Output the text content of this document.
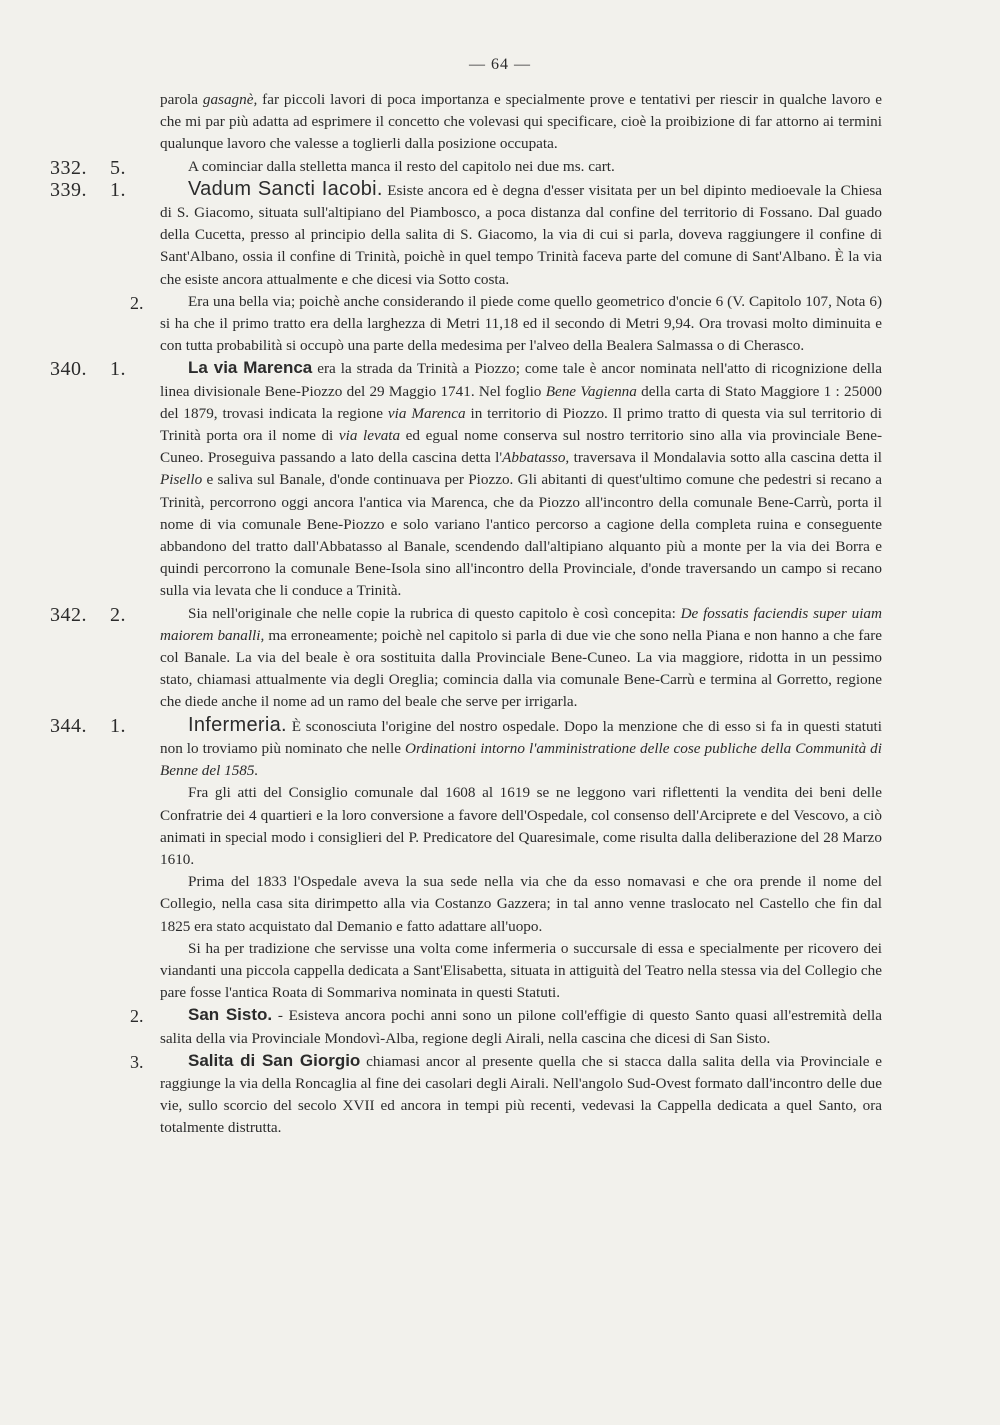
— 64 —

parola gasagnè, far piccoli lavori di poca importanza e specialmente prove e tentativi per riescir in qualche lavoro e che mi par più adatta ad esprimere il concetto che volevasi qui specificare, cioè la proibizione di far attorno ai termini qualunque lavoro che valesse a toglierli dalla posizione occupata.

332. 5.	A cominciar dalla stelletta manca il resto del capitolo nei due ms. cart.

339. 1.	Vadum Sancti Iacobi. Esiste ancora ed è degna d'esser visitata per un bel dipinto medioevale la Chiesa di S. Giacomo, situata sull'altipiano del Piambosco, a poca distanza dal confine del territorio di Fossano. Dal guado della Cucetta, presso al principio della salita di S. Giacomo, la via di cui si parla, doveva raggiungere il confine di Sant'Albano, ossia il confine di Trinità, poichè in quel tempo Trinità faceva parte del comune di Sant'Albano. È la via che esiste ancora attualmente e che dicesi via Sotto costa.

2.	Era una bella via; poichè anche considerando il piede come quello geometrico d'oncie 6 (V. Capitolo 107, Nota 6) si ha che il primo tratto era della larghezza di Metri 11,18 ed il secondo di Metri 9,94. Ora trovasi molto diminuita e con tutta probabilità si occupò una parte della medesima per l'alveo della Bealera Salmassa o di Cherasco.

340. 1.	La via Marenca era la strada da Trinità a Piozzo; come tale è ancor nominata nell'atto di ricognizione della linea divisionale Bene-Piozzo del 29 Maggio 1741. Nel foglio Bene Vagienna della carta di Stato Maggiore 1 : 25000 del 1879, trovasi indicata la regione via Marenca in territorio di Piozzo. Il primo tratto di questa via sul territorio di Trinità porta ora il nome di via levata ed egual nome conserva sul nostro territorio sino alla via provinciale Bene-Cuneo. Proseguiva passando a lato della cascina detta l'Abbatasso, traversava il Mondalavia sotto alla cascina detta il Pisello e saliva sul Banale, d'onde continuava per Piozzo. Gli abitanti di quest'ultimo comune che pedestri si recano a Trinità, percorrono oggi ancora l'antica via Marenca, che da Piozzo all'incontro della comunale Bene-Carrù, porta il nome di via comunale Bene-Piozzo e solo variano l'antico percorso a cagione della completa ruina e conseguente abbandono del tratto dall'Abbatasso al Banale, scendendo dall'altipiano alquanto più a monte per la via dei Borra e quindi percorrono la comunale Bene-Isola sino all'incontro della Provinciale, d'onde traversando un campo si recano sulla via levata che li conduce a Trinità.

342. 2.	Sia nell'originale che nelle copie la rubrica di questo capitolo è così concepita: De fossatis faciendis super uiam maiorem banalli, ma erroneamente; poichè nel capitolo si parla di due vie che sono nella Piana e non hanno a che fare col Banale. La via del beale è ora sostituita dalla Provinciale Bene-Cuneo. La via maggiore, ridotta in un pessimo stato, chiamasi attualmente via degli Oreglia; comincia dalla via comunale Bene-Carrù e termina al Gorretto, regione che diede anche il nome ad un ramo del beale che serve per irrigarla.

344. 1.	Infermeria. È sconosciuta l'origine del nostro ospedale. Dopo la menzione che di esso si fa in questi statuti non lo troviamo più nominato che nelle Ordinationi intorno l'amministratione delle cose publiche della Communità di Benne del 1585.

Fra gli atti del Consiglio comunale dal 1608 al 1619 se ne leggono vari riflettenti la vendita dei beni delle Confratrie dei 4 quartieri e la loro conversione a favore dell'Ospedale, col consenso dell'Arciprete e del Vescovo, a ciò animati in special modo i consiglieri del P. Predicatore del Quaresimale, come risulta dalla deliberazione del 28 Marzo 1610.

Prima del 1833 l'Ospedale aveva la sua sede nella via che da esso nomavasi e che ora prende il nome del Collegio, nella casa sita dirimpetto alla via Costanzo Gazzera; in tal anno venne traslocato nel Castello che fin dal 1825 era stato acquistato dal Demanio e fatto adattare all'uopo.

Si ha per tradizione che servisse una volta come infermeria o succursale di essa e specialmente per ricovero dei viandanti una piccola cappella dedicata a Sant'Elisabetta, situata in attiguità del Teatro nella stessa via del Collegio che pare fosse l'antica Roata di Sommariva nominata in questi Statuti.

2.	San Sisto. - Esisteva ancora pochi anni sono un pilone coll'effigie di questo Santo quasi all'estremità della salita della via Provinciale Mondovì-Alba, regione degli Airali, nella cascina che dicesi di San Sisto.

3.	Salita di San Giorgio chiamasi ancor al presente quella che si stacca dalla salita della via Provinciale e raggiunge la via della Roncaglia al fine dei casolari degli Airali. Nell'angolo Sud-Ovest formato dall'incontro delle due vie, sullo scorcio del secolo XVII ed ancora in tempi più recenti, vedevasi la Cappella dedicata a quel Santo, ora totalmente distrutta.
